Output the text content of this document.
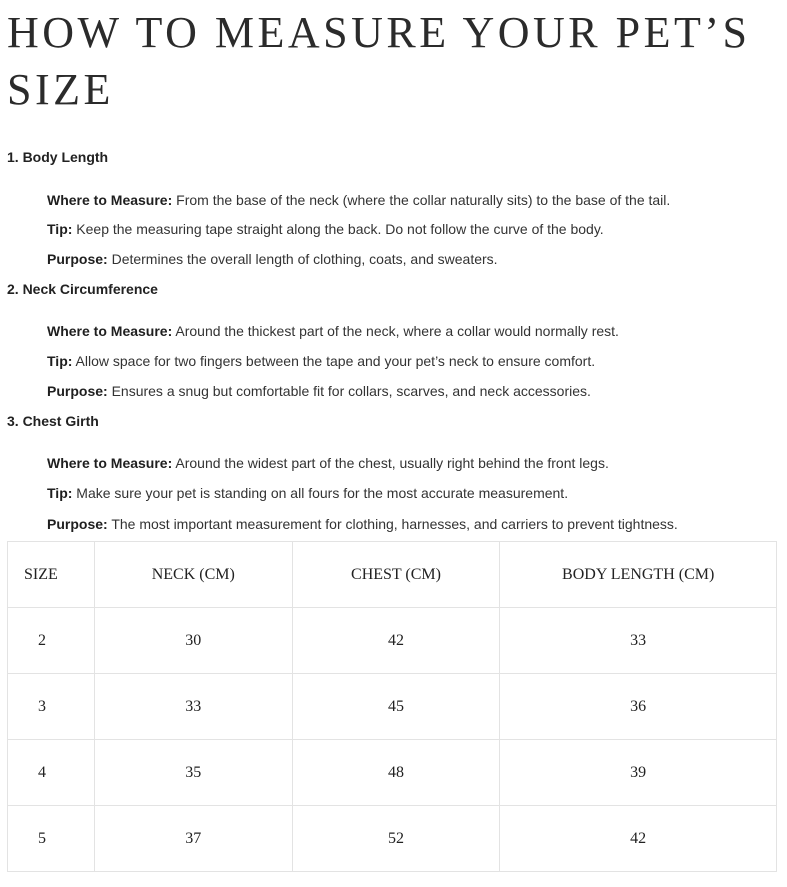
HOW TO MEASURE YOUR PET’S SIZE

1. Body Length

Where to Measure: From the base of the neck (where the collar naturally sits) to the base of the tail.

Tip: Keep the measuring tape straight along the back. Do not follow the curve of the body.

Purpose: Determines the overall length of clothing, coats, and sweaters.

2. Neck Circumference

Where to Measure: Around the thickest part of the neck, where a collar would normally rest.

Tip: Allow space for two fingers between the tape and your pet’s neck to ensure comfort.

Purpose: Ensures a snug but comfortable fit for collars, scarves, and neck accessories.

3. Chest Girth

Where to Measure: Around the widest part of the chest, usually right behind the front legs.

Tip: Make sure your pet is standing on all fours for the most accurate measurement.

Purpose: The most important measurement for clothing, harnesses, and carriers to prevent tightness.

SIZE	NECK (CM)	CHEST (CM)	BODY LENGTH (CM)
2	30	42	33
3	33	45	36
4	35	48	39
5	37	52	42
